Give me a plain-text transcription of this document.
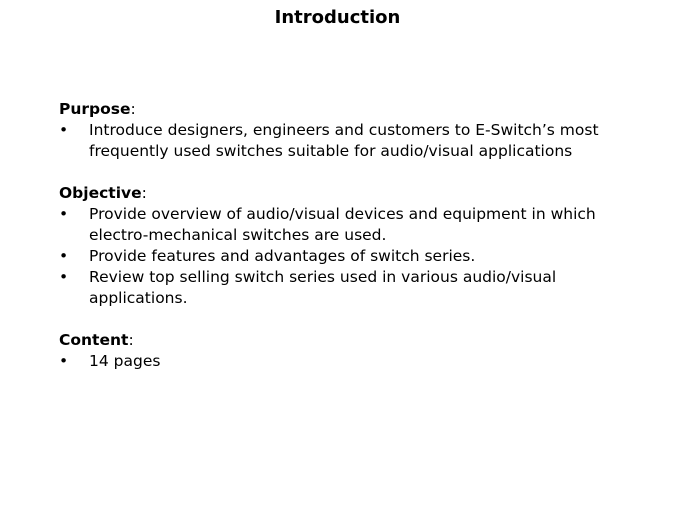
Introduction

Purpose:

• Introduce designers, engineers and customers to E-Switch’s most frequently used switches suitable for audio/visual applications

Objective:

• Provide overview of audio/visual devices and equipment in which electro-mechanical switches are used.
• Provide features and advantages of switch series.
• Review top selling switch series used in various audio/visual applications.

Content:

• 14 pages
